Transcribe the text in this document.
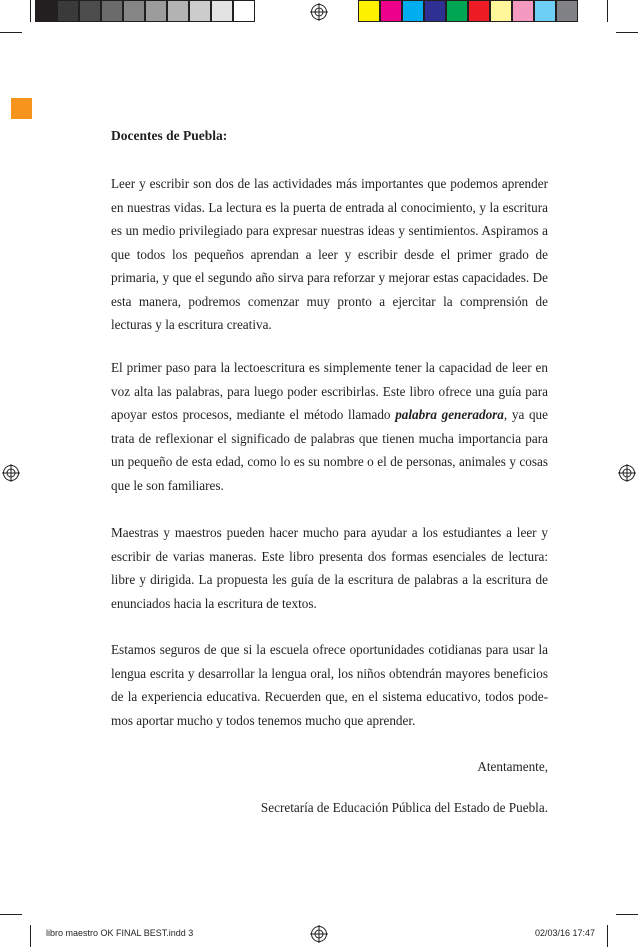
Docentes de Puebla:

Leer y escribir son dos de las actividades más importantes que podemos aprender en nuestras vidas. La lectura es la puerta de entrada al conocimiento, y la escritura es un medio privilegiado para expresar nuestras ideas y sentimientos. Aspiramos a que todos los pequeños aprendan a leer y escribir desde el primer grado de primaria, y que el segundo año sirva para reforzar y mejorar estas capacidades. De esta manera, podremos comenzar muy pronto a ejercitar la comprensión de lecturas y la escritura creativa.

El primer paso para la lectoescritura es simplemente tener la capacidad de leer en voz alta las palabras, para luego poder escribirlas. Este libro ofrece una guía para apoyar estos procesos, mediante el método llamado palabra generadora, ya que trata de reflexionar el significado de palabras que tienen mucha importancia para un pequeño de esta edad, como lo es su nombre o el de personas, animales y cosas que le son familiares.

Maestras y maestros pueden hacer mucho para ayudar a los estudiantes a leer y escribir de varias maneras. Este libro presenta dos formas esenciales de lectura: libre y dirigida. La propuesta les guía de la escritura de palabras a la escritura de enunciados hacia la escritura de textos.

Estamos seguros de que si la escuela ofrece oportunidades cotidianas para usar la lengua escrita y desarrollar la lengua oral, los niños obtendrán mayores beneficios de la experiencia educativa. Recuerden que, en el sistema educativo, todos pode-mos aportar mucho y todos tenemos mucho que aprender.

Atentamente,

Secretaría de Educación Pública del Estado de Puebla.

libro maestro OK FINAL BEST.indd 3	02/03/16 17:47
